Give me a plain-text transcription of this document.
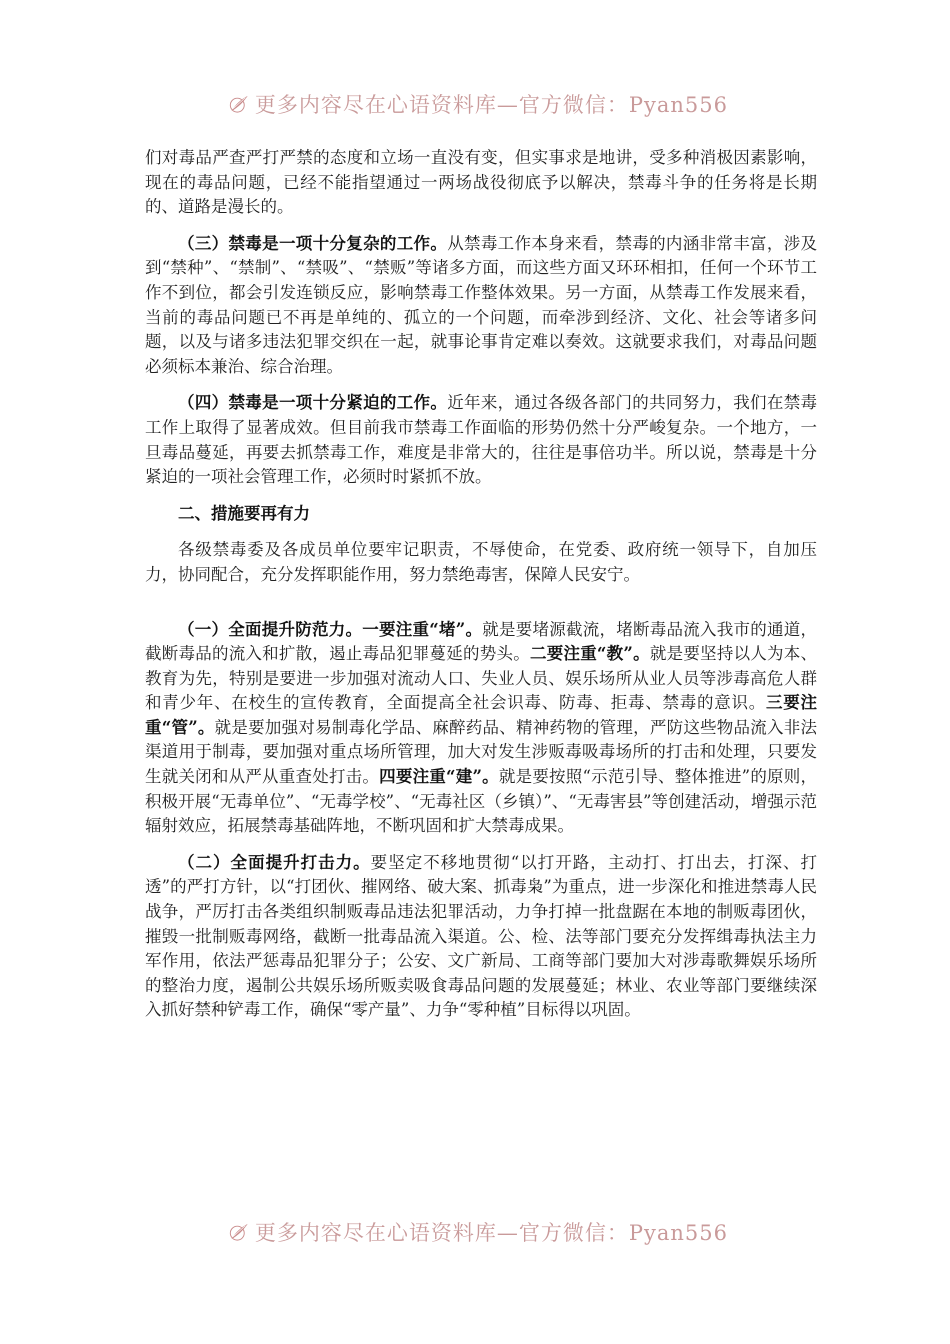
更多内容尽在心语资料库—官方微信：Pyan556

们对毒品严查严打严禁的态度和立场一直没有变，但实事求是地讲，受多种消极因素影响，现在的毒品问题，已经不能指望通过一两场战役彻底予以解决，禁毒斗争的任务将是长期的、道路是漫长的。

（三）禁毒是一项十分复杂的工作。从禁毒工作本身来看，禁毒的内涵非常丰富，涉及到“禁种”、“禁制”、“禁吸”、“禁贩”等诸多方面，而这些方面又环环相扣，任何一个环节工作不到位，都会引发连锁反应，影响禁毒工作整体效果。另一方面，从禁毒工作发展来看，当前的毒品问题已不再是单纯的、孤立的一个问题，而牵涉到经济、文化、社会等诸多问题，以及与诸多违法犯罪交织在一起，就事论事肯定难以奏效。这就要求我们，对毒品问题必须标本兼治、综合治理。

（四）禁毒是一项十分紧迫的工作。近年来，通过各级各部门的共同努力，我们在禁毒工作上取得了显著成效。但目前我市禁毒工作面临的形势仍然十分严峻复杂。一个地方，一旦毒品蔓延，再要去抓禁毒工作，难度是非常大的，往往是事倍功半。所以说，禁毒是十分紧迫的一项社会管理工作，必须时时紧抓不放。

二、措施要再有力

各级禁毒委及各成员单位要牢记职责，不辱使命，在党委、政府统一领导下，自加压力，协同配合，充分发挥职能作用，努力禁绝毒害，保障人民安宁。

（一）全面提升防范力。一要注重“堵”。就是要堵源截流，堵断毒品流入我市的通道，截断毒品的流入和扩散，遏止毒品犯罪蔓延的势头。二要注重“教”。就是要坚持以人为本、教育为先，特别是要进一步加强对流动人口、失业人员、娱乐场所从业人员等涉毒高危人群和青少年、在校生的宣传教育，全面提高全社会识毒、防毒、拒毒、禁毒的意识。三要注重“管”。就是要加强对易制毒化学品、麻醉药品、精神药物的管理，严防这些物品流入非法渠道用于制毒，要加强对重点场所管理，加大对发生涉贩毒吸毒场所的打击和处理，只要发生就关闭和从严从重查处打击。四要注重“建”。就是要按照“示范引导、整体推进”的原则，积极开展“无毒单位”、“无毒学校”、“无毒社区（乡镇）”、“无毒害县”等创建活动，增强示范辐射效应，拓展禁毒基础阵地，不断巩固和扩大禁毒成果。

（二）全面提升打击力。要坚定不移地贯彻“以打开路，主动打、打出去，打深、打透”的严打方针，以“打团伙、摧网络、破大案、抓毒枭”为重点，进一步深化和推进禁毒人民战争，严厉打击各类组织制贩毒品违法犯罪活动，力争打掉一批盘踞在本地的制贩毒团伙，摧毁一批制贩毒网络，截断一批毒品流入渠道。公、检、法等部门要充分发挥缉毒执法主力军作用，依法严惩毒品犯罪分子；公安、文广新局、工商等部门要加大对涉毒歌舞娱乐场所的整治力度，遏制公共娱乐场所贩卖吸食毒品问题的发展蔓延；林业、农业等部门要继续深入抓好禁种铲毒工作，确保“零产量”、力争“零种植”目标得以巩固。

更多内容尽在心语资料库—官方微信：Pyan556
